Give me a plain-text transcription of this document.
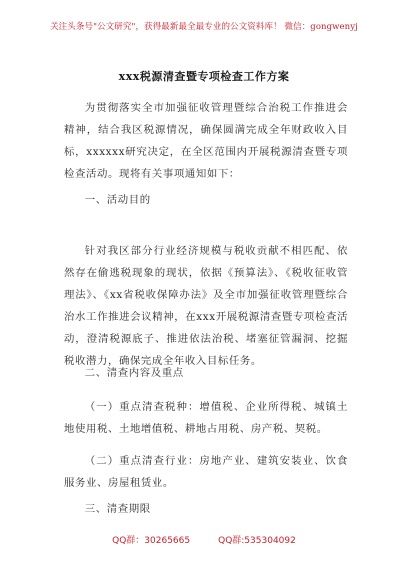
关注头条号"公文研究"，获得最新最全最专业的公文资料库！ 微信：gongwenyj
xxx税源清查暨专项检查工作方案
为贯彻落实全市加强征收管理暨综合治税工作推进会精神，结合我区税源情况，确保圆满完成全年财政收入目标，xxxxxx研究决定，在全区范围内开展税源清查暨专项检查活动。现将有关事项通知如下：
一、活动目的
针对我区部分行业经济规模与税收贡献不相匹配、依然存在偷逃税现象的现状，依据《预算法》、《税收征收管理法》、《xx省税收保障办法》及全市加强征收管理暨综合治水工作推进会议精神，在xxx开展税源清查暨专项检查活动，澄清税源底子、推进依法治税、堵塞征管漏洞、挖掘税收潜力，确保完成全年收入目标任务。
二、清查内容及重点
（一）重点清查税种：增值税、企业所得税、城镇土地使用税、土地增值税、耕地占用税、房产税、契税。
（二）重点清查行业：房地产业、建筑安装业、饮食服务业、房屋租赁业。
三、清查期限
QQ群：30265665	QQ群:535304092
